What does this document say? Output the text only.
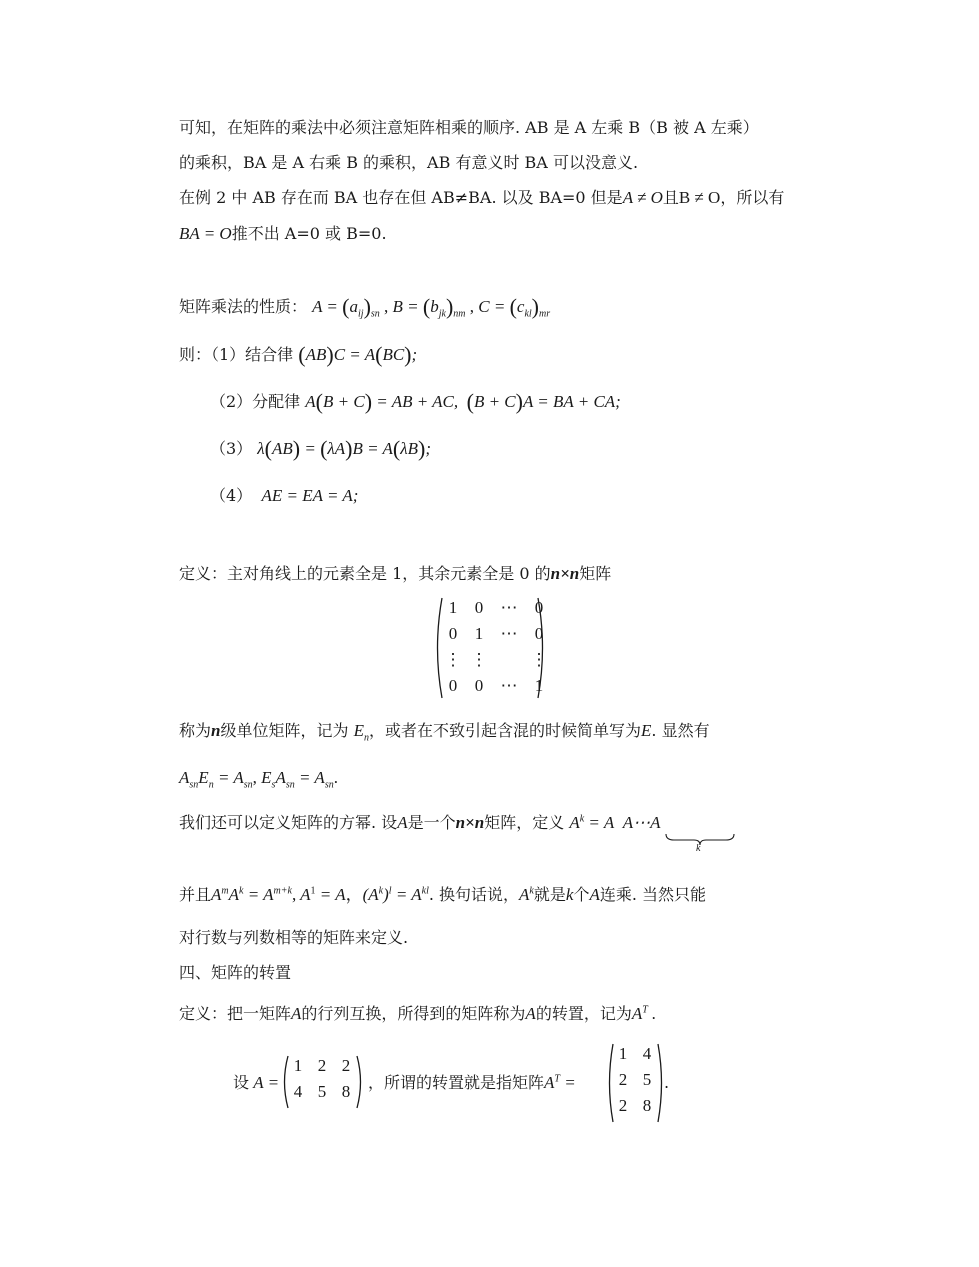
可知，在矩阵的乘法中必须注意矩阵相乘的顺序. AB 是 A 左乘 B（B 被 A 左乘）
的乘积，BA 是 A 右乘 B 的乘积，AB 有意义时 BA 可以没意义.
在例 2 中 AB 存在而 BA 也存在但 AB≠BA. 以及 BA=0 但是A ≠ O且B ≠ O，所以有
BA = O推不出 A=0 或 B=0.
矩阵乘法的性质： $A = (a_{ij})_{sn}$ , $B = (b_{jk})_{nm}$ , $C = (c_{kl})_{mr}$
则：（1）结合律 (AB)C = A(BC);
（2）分配律 A(B + C) = AB + AC,  (B + C)A = BA + CA;
（3） λ(AB) = (λA)B = A(λB);
（4）  AE = EA = A;
定义：主对角线上的元素全是 1，其余元素全是 0 的n×n矩阵
1	0	⋯	0
0	1	⋯	0
⋮ ⋮	⋮
0	0	⋯	1
称为n级单位矩阵，记为 $E_n$，或者在不致引起含混的时候简单写为E. 显然有
$A_{sn}E_n = A_{sn}$, $E_sA_{sn} = A_{sn}$.
我们还可以定义矩阵的方幂. 设A是一个n×n矩阵，定义 $A^k = A$  A⋯A
k
并且$A^mA^k = A^{m+k}$, $A^1 = A$，$(A^k)^l = A^{kl}$. 换句话说，$A^k$就是k个A连乘. 当然只能
对行数与列数相等的矩阵来定义.
四、矩阵的转置
定义：把一矩阵A的行列互换，所得到的矩阵称为A的转置，记为$A^T$ .
设 A =
1 2 2
4 5 8	，所谓的转置就是指矩阵$A^T$ =
1 4
2 5
2 8
.
